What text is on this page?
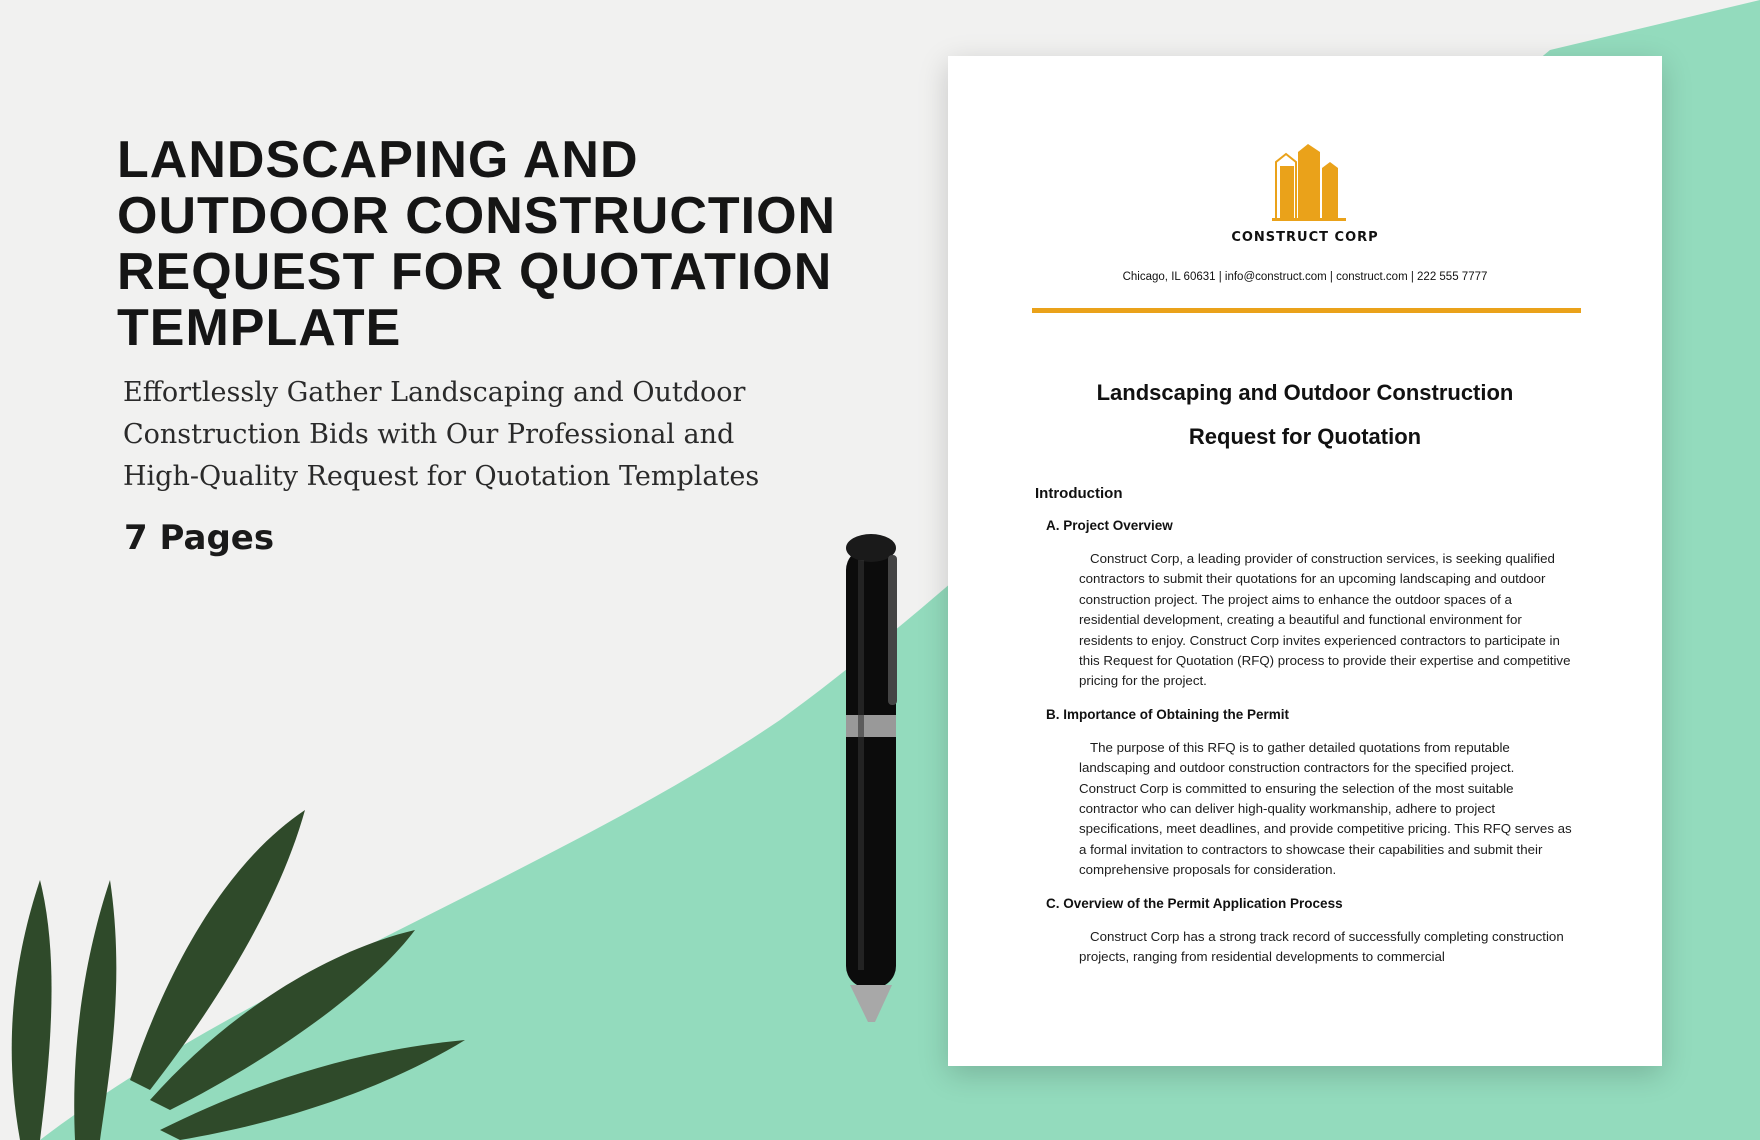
LANDSCAPING AND OUTDOOR CONSTRUCTION REQUEST FOR QUOTATION TEMPLATE
Effortlessly Gather Landscaping and Outdoor Construction Bids with Our Professional and High-Quality Request for Quotation Templates
7 Pages
CONSTRUCT CORP
Chicago, IL 60631 | info@construct.com | construct.com | 222 555 7777
Landscaping and Outdoor Construction
Request for Quotation
Introduction
A. Project Overview
Construct Corp, a leading provider of construction services, is seeking qualified contractors to submit their quotations for an upcoming landscaping and outdoor construction project. The project aims to enhance the outdoor spaces of a residential development, creating a beautiful and functional environment for residents to enjoy. Construct Corp invites experienced contractors to participate in this Request for Quotation (RFQ) process to provide their expertise and competitive pricing for the project.
B. Importance of Obtaining the Permit
The purpose of this RFQ is to gather detailed quotations from reputable landscaping and outdoor construction contractors for the specified project. Construct Corp is committed to ensuring the selection of the most suitable contractor who can deliver high-quality workmanship, adhere to project specifications, meet deadlines, and provide competitive pricing. This RFQ serves as a formal invitation to contractors to showcase their capabilities and submit their comprehensive proposals for consideration.
C. Overview of the Permit Application Process
Construct Corp has a strong track record of successfully completing construction projects, ranging from residential developments to commercial
